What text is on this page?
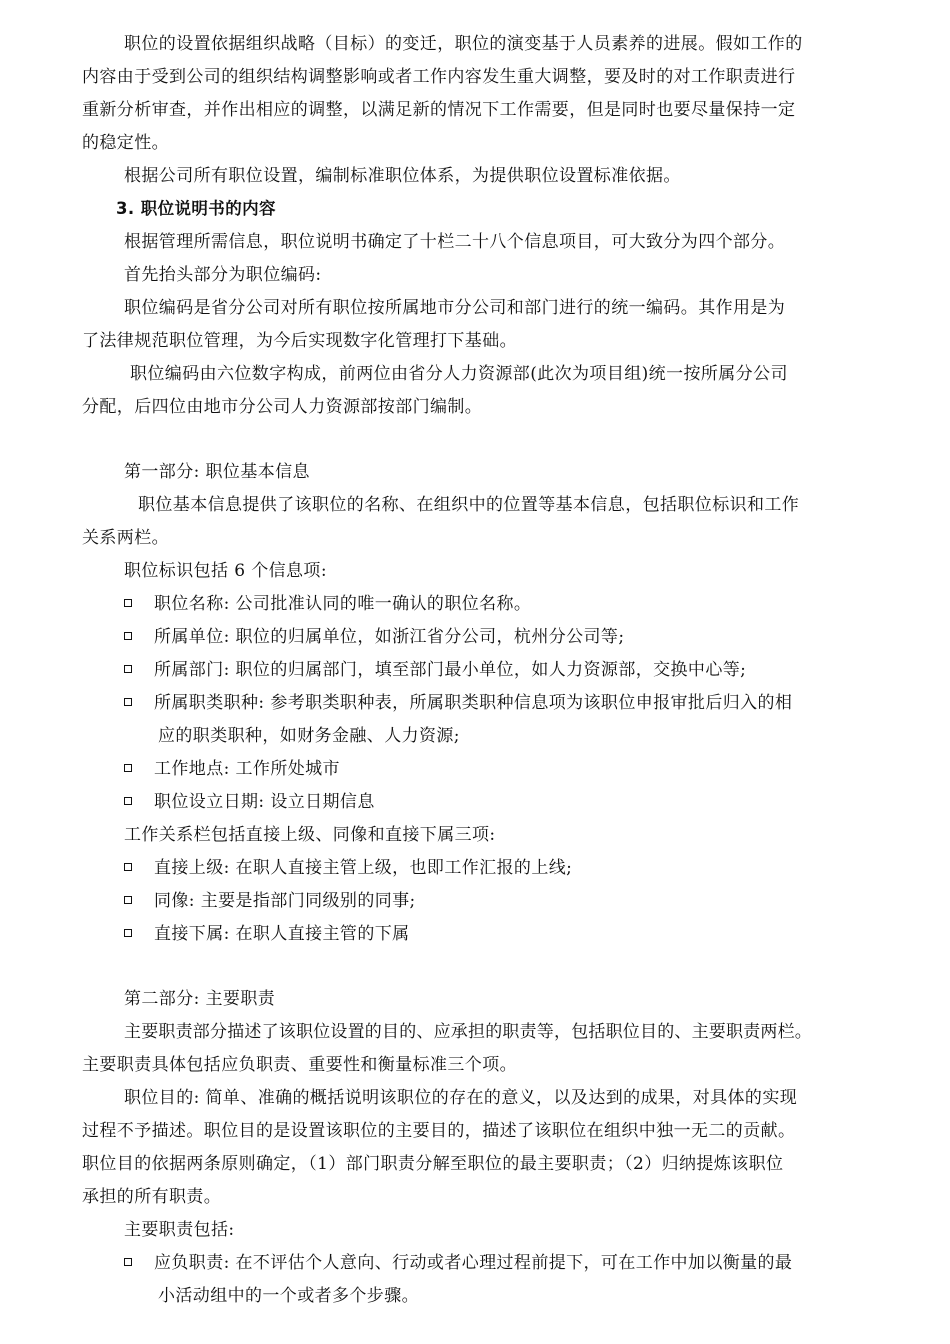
职位的设置依据组织战略（目标）的变迁，职位的演变基于人员素养的进展。假如工作的
内容由于受到公司的组织结构调整影响或者工作内容发生重大调整，要及时的对工作职责进行
重新分析审查，并作出相应的调整，以满足新的情况下工作需要，但是同时也要尽量保持一定
的稳定性。
根据公司所有职位设置，编制标准职位体系，为提供职位设置标准依据。
3. 职位说明书的内容
根据管理所需信息，职位说明书确定了十栏二十八个信息项目，可大致分为四个部分。
首先抬头部分为职位编码:
职位编码是省分公司对所有职位按所属地市分公司和部门进行的统一编码。其作用是为
了法律规范职位管理，为今后实现数字化管理打下基础。
职位编码由六位数字构成，前两位由省分人力资源部(此次为项目组)统一按所属分公司
分配，后四位由地市分公司人力资源部按部门编制。
第一部分: 职位基本信息
职位基本信息提供了该职位的名称、在组织中的位置等基本信息，包括职位标识和工作
关系两栏。
职位标识包括 6 个信息项:
职位名称: 公司批准认同的唯一确认的职位名称。
所属单位: 职位的归属单位，如浙江省分公司，杭州分公司等;
所属部门: 职位的归属部门，填至部门最小单位，如人力资源部，交换中心等;
所属职类职种: 参考职类职种表，所属职类职种信息项为该职位申报审批后归入的相
应的职类职种，如财务金融、人力资源;
工作地点: 工作所处城市
职位设立日期: 设立日期信息
工作关系栏包括直接上级、同像和直接下属三项:
直接上级: 在职人直接主管上级，也即工作汇报的上线;
同像: 主要是指部门同级别的同事;
直接下属: 在职人直接主管的下属
第二部分: 主要职责
主要职责部分描述了该职位设置的目的、应承担的职责等，包括职位目的、主要职责两栏。
主要职责具体包括应负职责、重要性和衡量标准三个项。
职位目的: 简单、准确的概括说明该职位的存在的意义，以及达到的成果，对具体的实现
过程不予描述。职位目的是设置该职位的主要目的，描述了该职位在组织中独一无二的贡献。
职位目的依据两条原则确定，（1）部门职责分解至职位的最主要职责；（2）归纳提炼该职位
承担的所有职责。
主要职责包括:
应负职责: 在不评估个人意向、行动或者心理过程前提下，可在工作中加以衡量的最
小活动组中的一个或者多个步骤。
